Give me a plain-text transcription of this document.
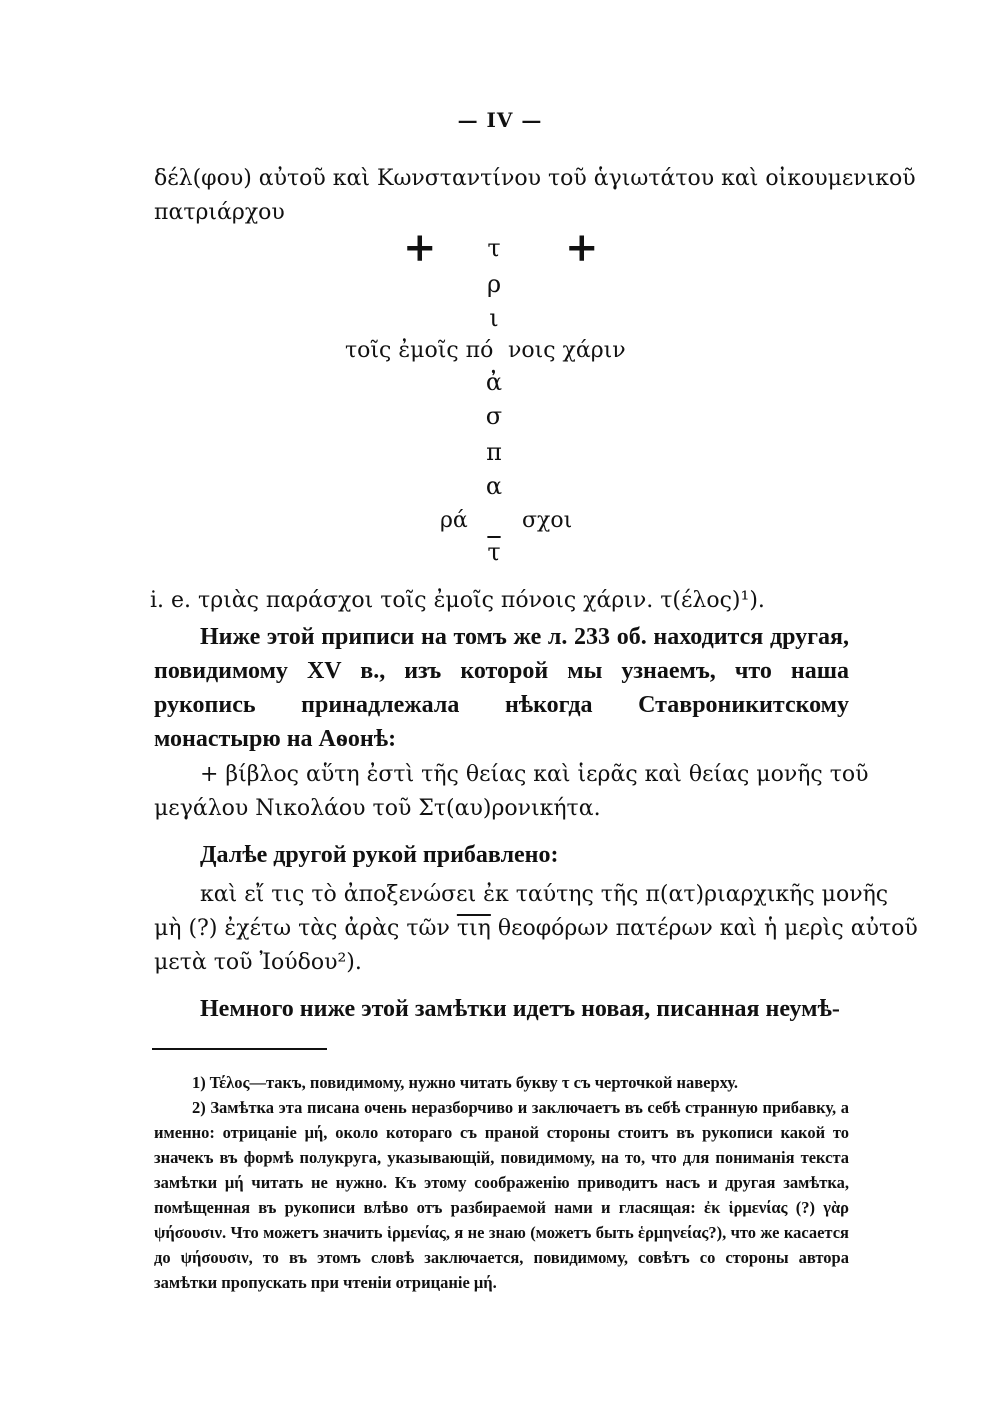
— IV —
δέλ(φου) αὐτοῦ καὶ Κωνσταντίνου τοῦ ἁγιωτάτου καὶ οἰκουμενικοῦ
πατριάρχου
+	+
τ
ρ
ι
τοῖς ἐμοῖς πό νοις χάριν
ἀ
σ
π
α
ρά σχοι
$\overline{\tau}$
i. e. τριὰς παράσχοι τοῖς ἐμοῖς πόνοις χάριν. τ(έλος)¹).
Ниже этой приписи на томъ же л. 233 об. находится другая, повидимому XV в., изъ которой мы узнаемъ, что наша рукопись принадлежала нѣкогда Ставроникитскому монастырю на Аѳонѣ:
+ βίβλος αὕτη ἐστὶ τῆς θείας καὶ ἱερᾶς καὶ θείας μονῆς τοῦ
μεγάλου Νικολάου τοῦ Στ(αυ)ρονικήτα.
Далѣе другой рукой прибавлено:
καὶ εἴ τις τὸ ἀποξενώσει ἐκ ταύτης τῆς π(ατ)ριαρχικῆς μονῆς
μὴ (?) ἐχέτω τὰς ἀρὰς τῶν $\overline{\tau\iota\eta}$ θεοφόρων πατέρων καὶ ἡ μερὶς αὐτοῦ
μετὰ τοῦ Ἰούδου²).
Немного ниже этой замѣтки идетъ новая, писанная неумѣ-
1) Τέλος—такъ, повидимому, нужно читать букву τ съ черточкой наверху.
2) Замѣтка эта писана очень неразборчиво и заключаетъ въ себѣ странную прибавку, а именно: отрицаніе μή, около котораго съ праной стороны стоитъ въ рукописи какой то значекъ въ формѣ полукруга, указывающій, повидимому, на то, что для пониманія текста замѣтки μή читать не нужно. Къ этому соображенію приводитъ насъ и другая замѣтка, помѣщенная въ рукописи влѣво отъ разбираемой нами и гласящая: ἐκ ἱρμενίας (?) γὰρ ψήσουσιν. Что можетъ значить ἱρμενίας, я не знаю (можетъ быть ἑρμηνείας?), что же касается до ψήσουσιν, то въ этомъ словѣ заключается, повидимому, совѣтъ со стороны автора замѣтки пропускать при чтеніи отрицаніе μή.
